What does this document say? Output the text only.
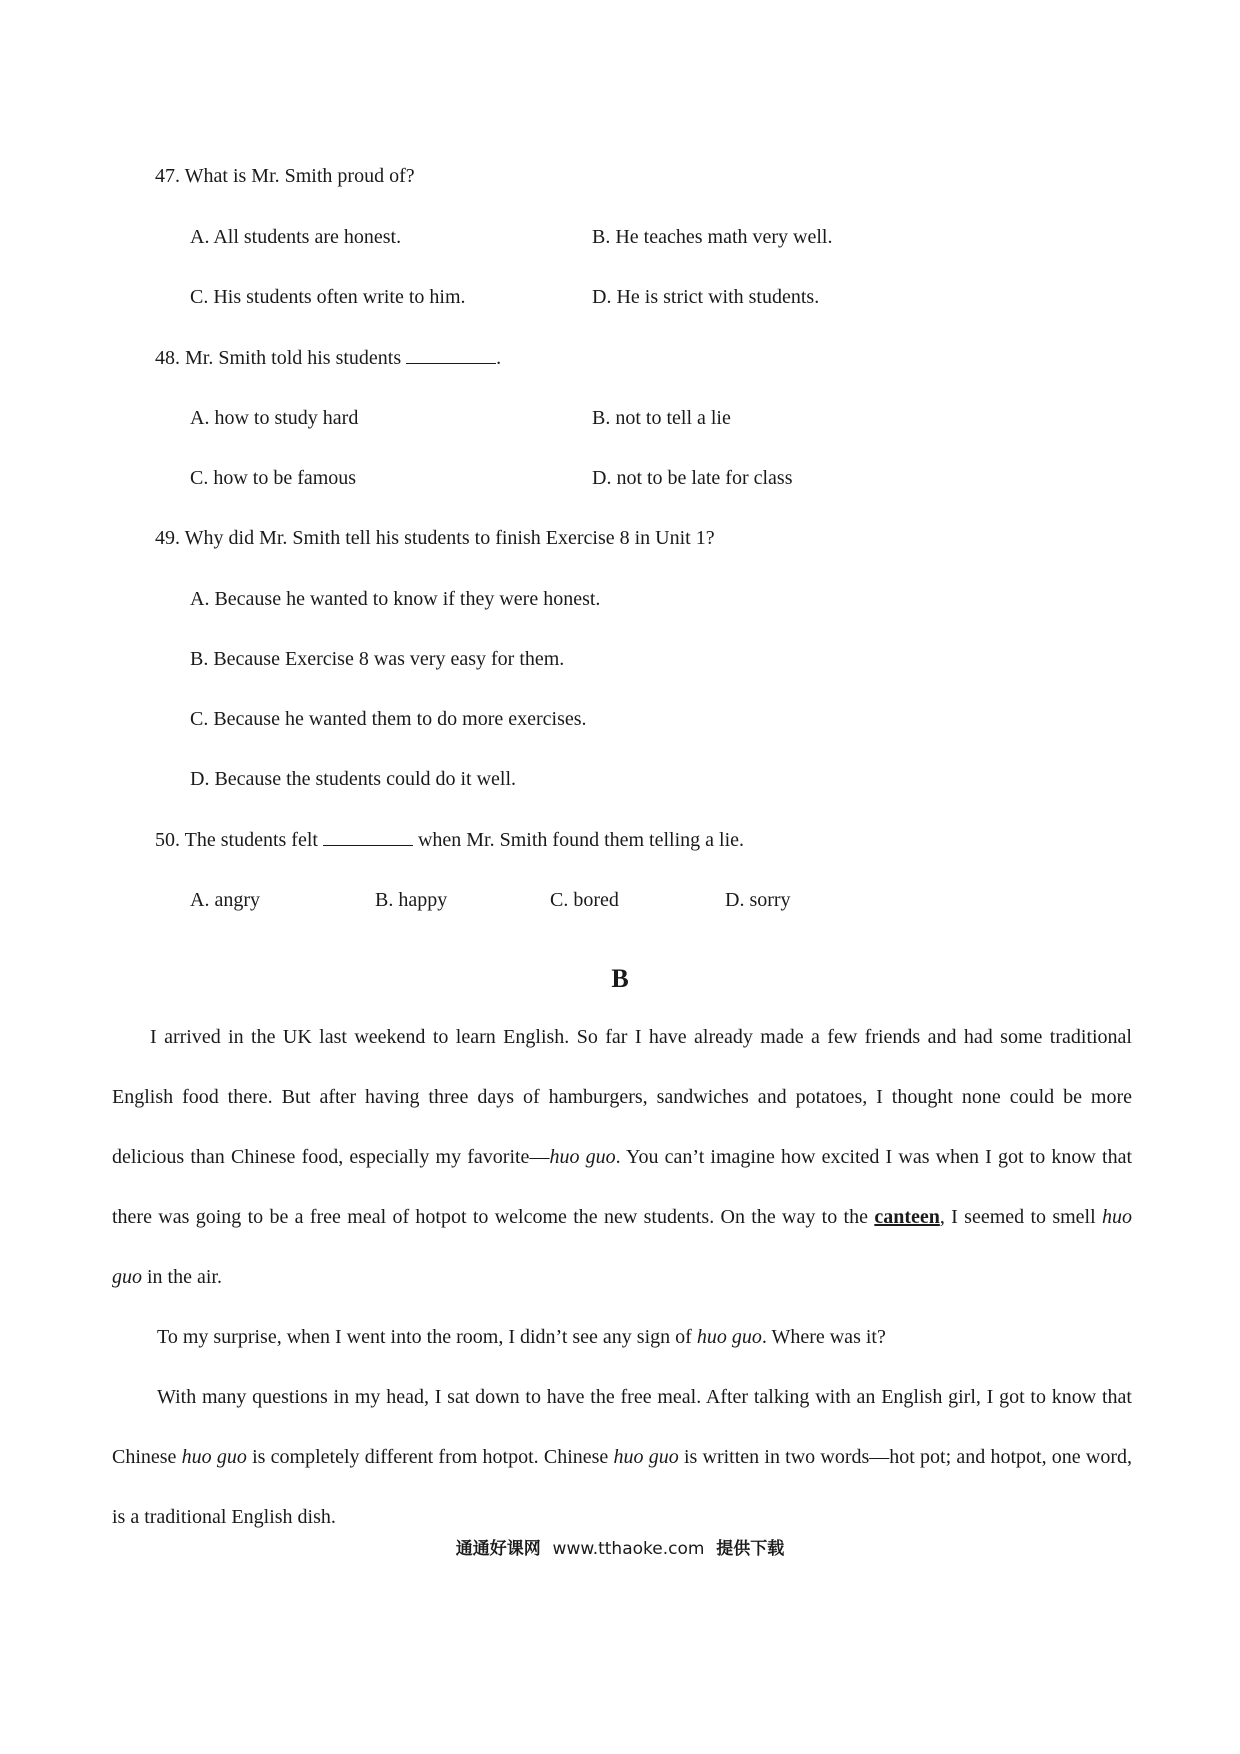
47. What is Mr. Smith proud of?
A. All students are honest.	B. He teaches math very well.
C. His students often write to him.	D. He is strict with students.
48. Mr. Smith told his students	.
A. how to study hard	B. not to tell a lie
C. how to be famous	D. not to be late for class
49. Why did Mr. Smith tell his students to finish Exercise 8 in Unit 1?
A. Because he wanted to know if they were honest.
B. Because Exercise 8 was very easy for them.
C. Because he wanted them to do more exercises.
D. Because the students could do it well.
50. The students felt	when Mr. Smith found them telling a lie.
A. angry	B. happy	C. bored	D. sorry
B
I arrived in the UK last weekend to learn English. So far I have already made a few friends and had some traditional English food there. But after having three days of hamburgers, sandwiches and potatoes, I thought none could be more delicious than Chinese food, especially my favorite—huo guo. You can’t imagine how excited I was when I got to know that there was going to be a free meal of hotpot to welcome the new students. On the way to the canteen, I seemed to smell huo guo in the air.
To my surprise, when I went into the room, I didn’t see any sign of huo guo. Where was it?
With many questions in my head, I sat down to have the free meal. After talking with an English girl, I got to know that Chinese huo guo is completely different from hotpot. Chinese huo guo is written in two words—hot pot; and hotpot, one word, is a traditional English dish.
通通好课网 www.tthaoke.com 提供下载
